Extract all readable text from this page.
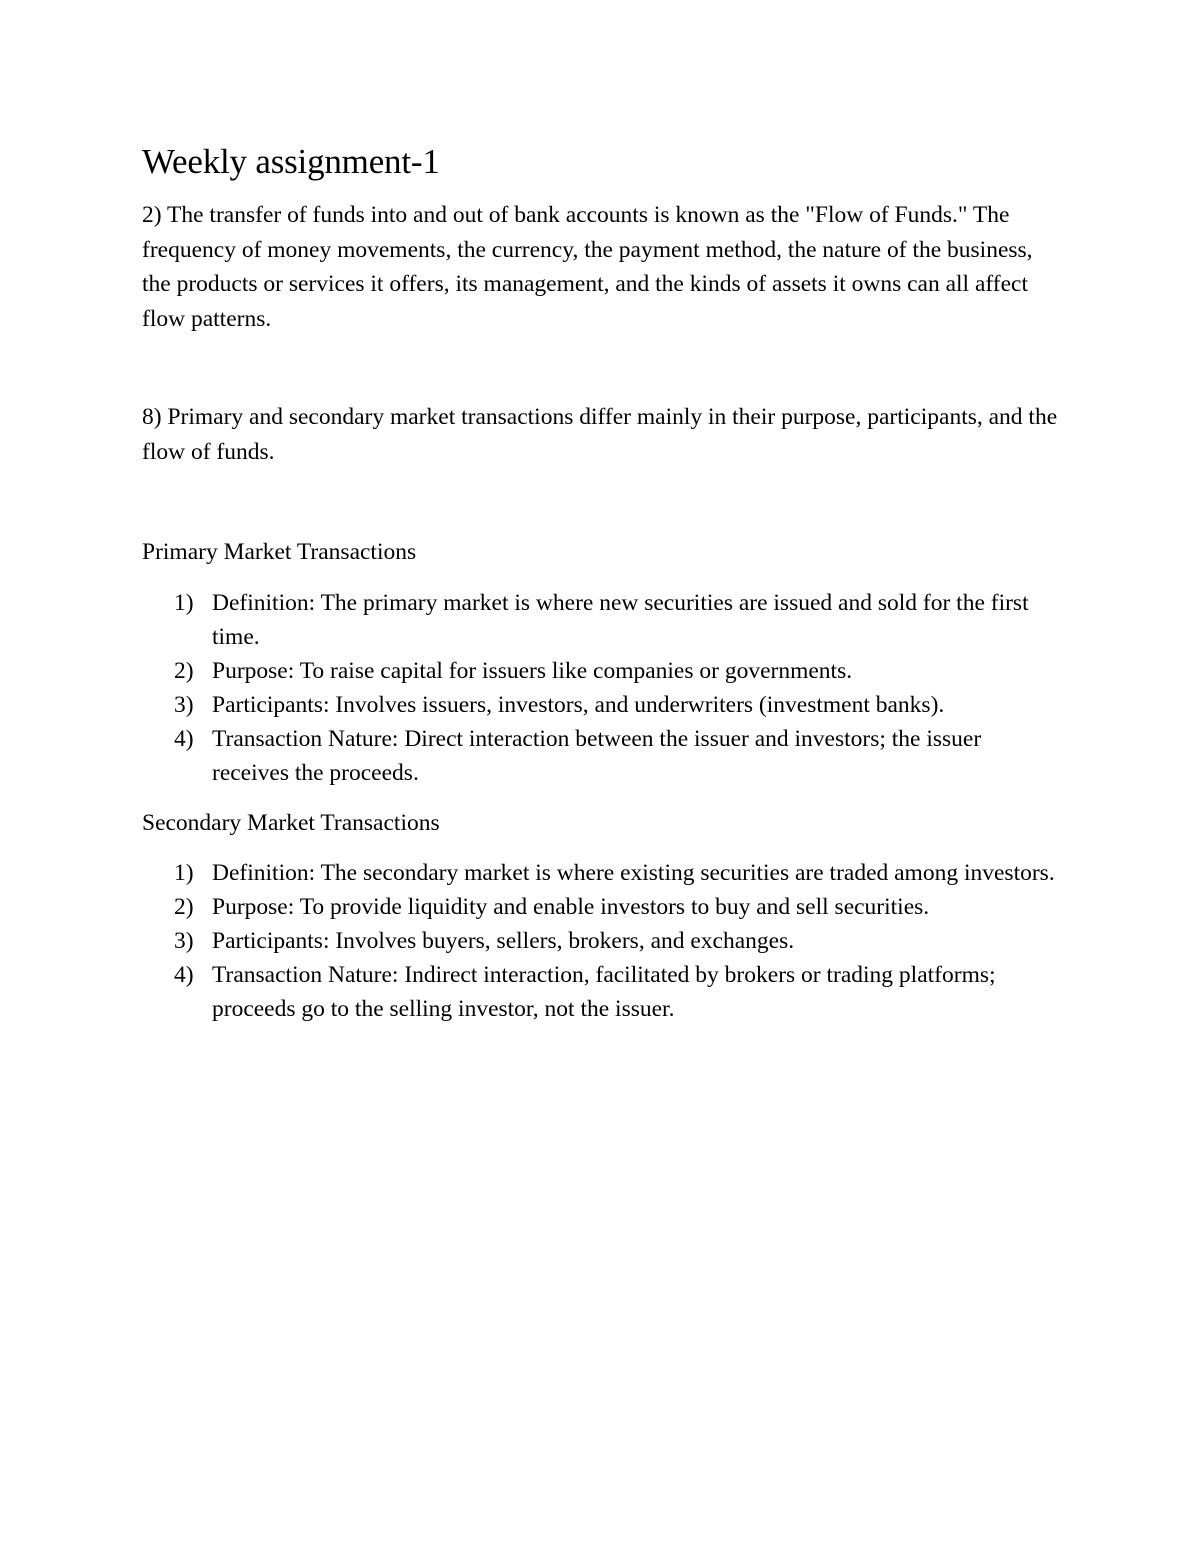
Weekly assignment-1

2) The transfer of funds into and out of bank accounts is known as the "Flow of Funds." The frequency of money movements, the currency, the payment method, the nature of the business, the products or services it offers, its management, and the kinds of assets it owns can all affect flow patterns.

8) Primary and secondary market transactions differ mainly in their purpose, participants, and the flow of funds.

Primary Market Transactions
1) Definition: The primary market is where new securities are issued and sold for the first time.
2) Purpose: To raise capital for issuers like companies or governments.
3) Participants: Involves issuers, investors, and underwriters (investment banks).
4) Transaction Nature: Direct interaction between the issuer and investors; the issuer receives the proceeds.
Secondary Market Transactions
1) Definition: The secondary market is where existing securities are traded among investors.
2) Purpose: To provide liquidity and enable investors to buy and sell securities.
3) Participants: Involves buyers, sellers, brokers, and exchanges.
4) Transaction Nature: Indirect interaction, facilitated by brokers or trading platforms; proceeds go to the selling investor, not the issuer.
